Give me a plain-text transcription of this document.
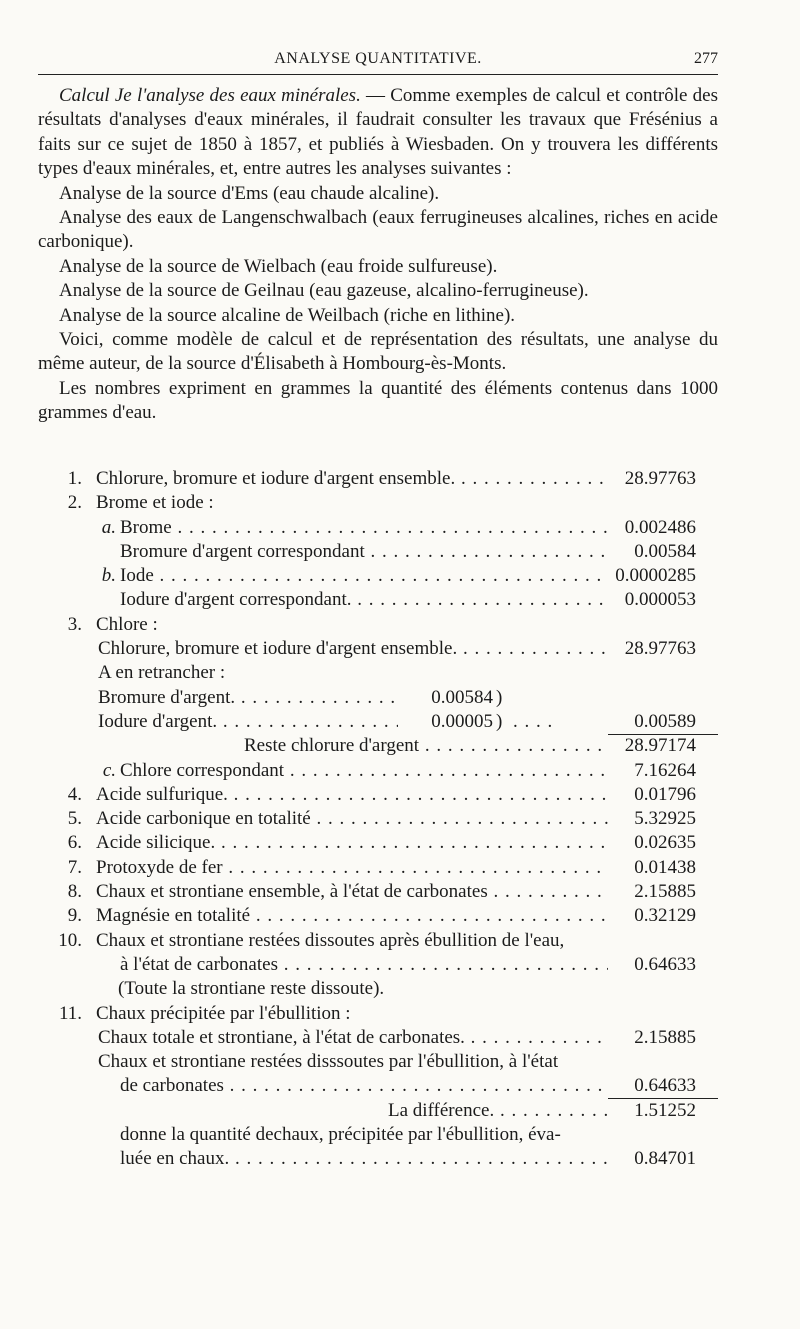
ANALYSE QUANTITATIVE.	277

Calcul Je l'analyse des eaux minérales. — Comme exemples de calcul et contrôle des résultats d'analyses d'eaux minérales, il faudrait consulter les travaux que Frésénius a faits sur ce sujet de 1850 à 1857, et publiés à Wiesbaden. On y trouvera les différents types d'eaux minérales, et, entre autres les analyses suivantes :

Analyse de la source d'Ems (eau chaude alcaline).

Analyse des eaux de Langenschwalbach (eaux ferrugineuses alcalines, riches en acide carbonique).

Analyse de la source de Wielbach (eau froide sulfureuse).

Analyse de la source de Geilnau (eau gazeuse, alcalino-ferrugineuse).

Analyse de la source alcaline de Weilbach (riche en lithine).

Voici, comme modèle de calcul et de représentation des résultats, une analyse du même auteur, de la source d'Élisabeth à Hombourg-ès-Monts.

Les nombres expriment en grammes la quantité des éléments contenus dans 1000 grammes d'eau.

1. Chlorure, bromure et iodure d'argent ensemble. . . .	28.97763
2. Brome et iode :
a. Brome . . .	0.002486
Bromure d'argent correspondant . . .	0.00584
b. Iode . . .	0.0000285
Iodure d'argent correspondant. . . .	0.000053
3. Chlore :
Chlorure, bromure et iodure d'argent ensemble. . . .	28.97763
A en retrancher :
Bromure d'argent. . . .	0.00584 )
Iodure d'argent. . . .	0.00005 ) . . . .	0.00589
Reste chlorure d'argent . . .	28.97174
c. Chlore correspondant . . .	7.16264
4. Acide sulfurique. . . .	0.01796
5. Acide carbonique en totalité . . .	5.32925
6. Acide silicique. . . .	0.02635
7. Protoxyde de fer . . .	0.01438
8. Chaux et strontiane ensemble, à l'état de carbonates . . .	2.15885
9. Magnésie en totalité . . .	0.32129
10. Chaux et strontiane restées dissoutes après ébullition de l'eau,
à l'état de carbonates . . .	0.64633
(Toute la strontiane reste dissoute).
11. Chaux précipitée par l'ébullition :
Chaux totale et strontiane, à l'état de carbonates. . . .	2.15885
Chaux et strontiane restées disssoutes par l'ébullition, à l'état
de carbonates . . .	0.64633
La différence. . . .	1.51252
donne la quantité dechaux, précipitée par l'ébullition, éva-
luée en chaux. . . .	0.84701
